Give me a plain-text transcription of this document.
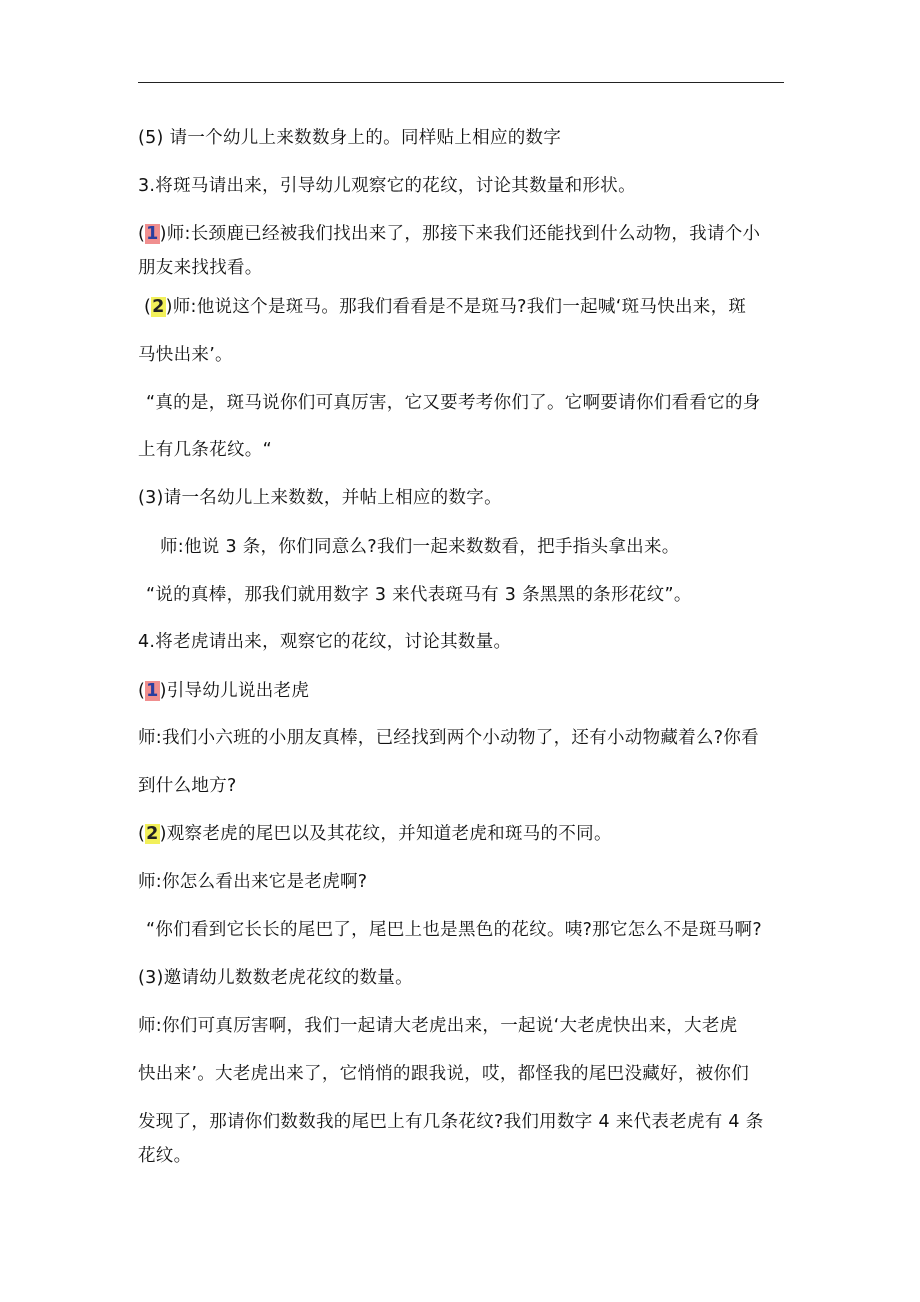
(5) 请一个幼儿上来数数身上的。同样贴上相应的数字
3.将斑马请出来，引导幼儿观察它的花纹，讨论其数量和形状。
(1)师:长颈鹿已经被我们找出来了，那接下来我们还能找到什么动物，我请个小
朋友来找找看。
(2)师:他说这个是斑马。那我们看看是不是斑马?我们一起喊‘斑马快出来，斑
马快出来’。
“真的是，斑马说你们可真厉害，它又要考考你们了。它啊要请你们看看它的身
上有几条花纹。“
(3)请一名幼儿上来数数，并帖上相应的数字。
师:他说 3 条，你们同意么?我们一起来数数看，把手指头拿出来。
“说的真棒，那我们就用数字 3 来代表斑马有 3 条黑黑的条形花纹”。
4.将老虎请出来，观察它的花纹，讨论其数量。
(1)引导幼儿说出老虎
师:我们小六班的小朋友真棒，已经找到两个小动物了，还有小动物藏着么?你看
到什么地方?
(2)观察老虎的尾巴以及其花纹，并知道老虎和斑马的不同。
师:你怎么看出来它是老虎啊?
“你们看到它长长的尾巴了，尾巴上也是黑色的花纹。咦?那它怎么不是斑马啊?
(3)邀请幼儿数数老虎花纹的数量。
师:你们可真厉害啊，我们一起请大老虎出来，一起说‘大老虎快出来，大老虎
快出来’。大老虎出来了，它悄悄的跟我说，哎，都怪我的尾巴没藏好，被你们
发现了，那请你们数数我的尾巴上有几条花纹?我们用数字 4 来代表老虎有 4 条
花纹。
